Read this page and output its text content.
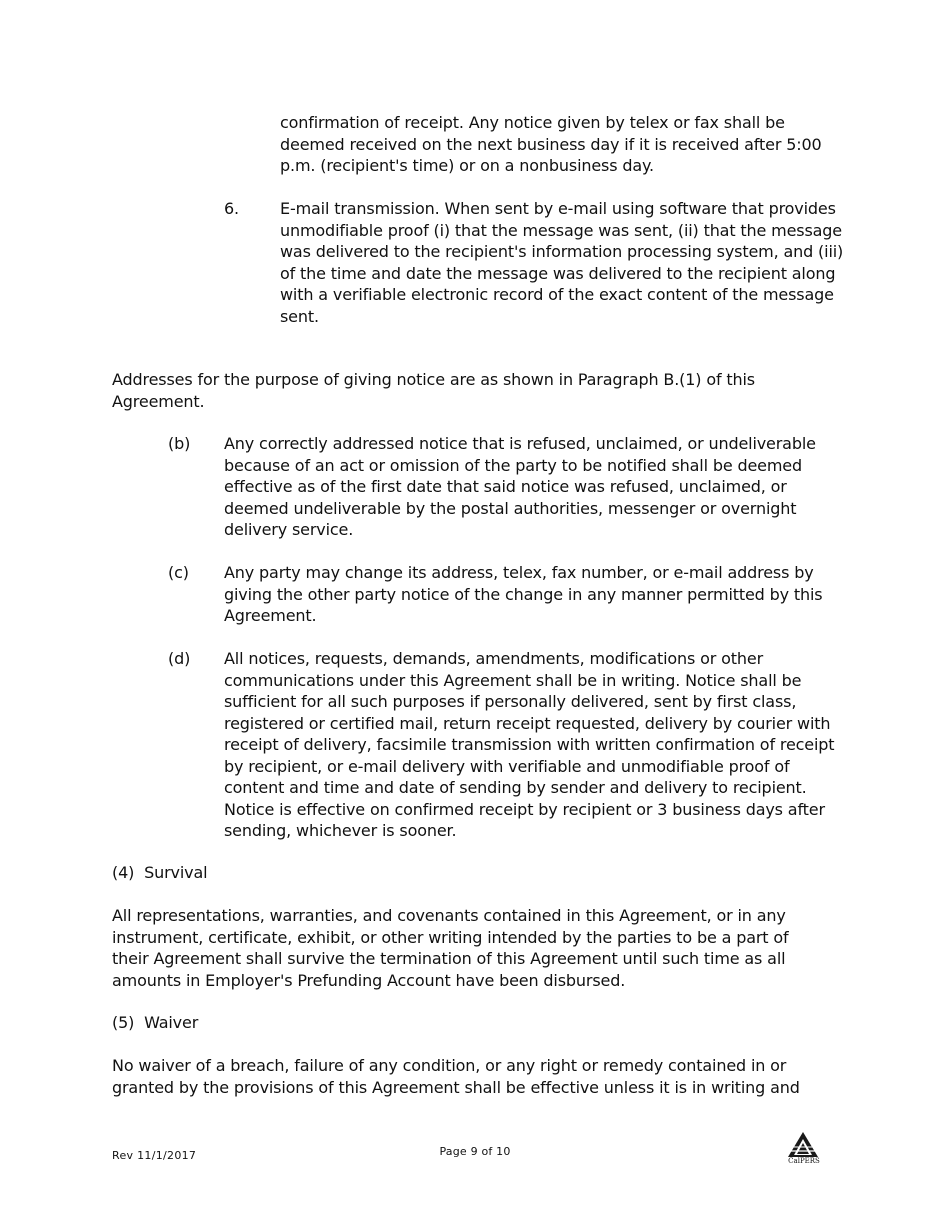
confirmation of receipt. Any notice given by telex or fax shall be deemed received on the next business day if it is received after 5:00 p.m. (recipient's time) or on a nonbusiness day.

6.	E-mail transmission. When sent by e-mail using software that provides unmodifiable proof (i) that the message was sent, (ii) that the message was delivered to the recipient's information processing system, and (iii) of the time and date the message was delivered to the recipient along with a verifiable electronic record of the exact content of the message sent.

Addresses for the purpose of giving notice are as shown in Paragraph B.(1) of this Agreement.

(b) Any correctly addressed notice that is refused, unclaimed, or undeliverable because of an act or omission of the party to be notified shall be deemed effective as of the first date that said notice was refused, unclaimed, or deemed undeliverable by the postal authorities, messenger or overnight delivery service.

(c) Any party may change its address, telex, fax number, or e-mail address by giving the other party notice of the change in any manner permitted by this Agreement.

(d) All notices, requests, demands, amendments, modifications or other communications under this Agreement shall be in writing. Notice shall be sufficient for all such purposes if personally delivered, sent by first class, registered or certified mail, return receipt requested, delivery by courier with receipt of delivery, facsimile transmission with written confirmation of receipt by recipient, or e-mail delivery with verifiable and unmodifiable proof of content and time and date of sending by sender and delivery to recipient. Notice is effective on confirmed receipt by recipient or 3 business days after sending, whichever is sooner.

(4)  Survival

All representations, warranties, and covenants contained in this Agreement, or in any instrument, certificate, exhibit, or other writing intended by the parties to be a part of their Agreement shall survive the termination of this Agreement until such time as all amounts in Employer's Prefunding Account have been disbursed.

(5)  Waiver

No waiver of a breach, failure of any condition, or any right or remedy contained in or granted by the provisions of this Agreement shall be effective unless it is in writing and

Rev 11/1/2017	Page 9 of 10
CalPERS
